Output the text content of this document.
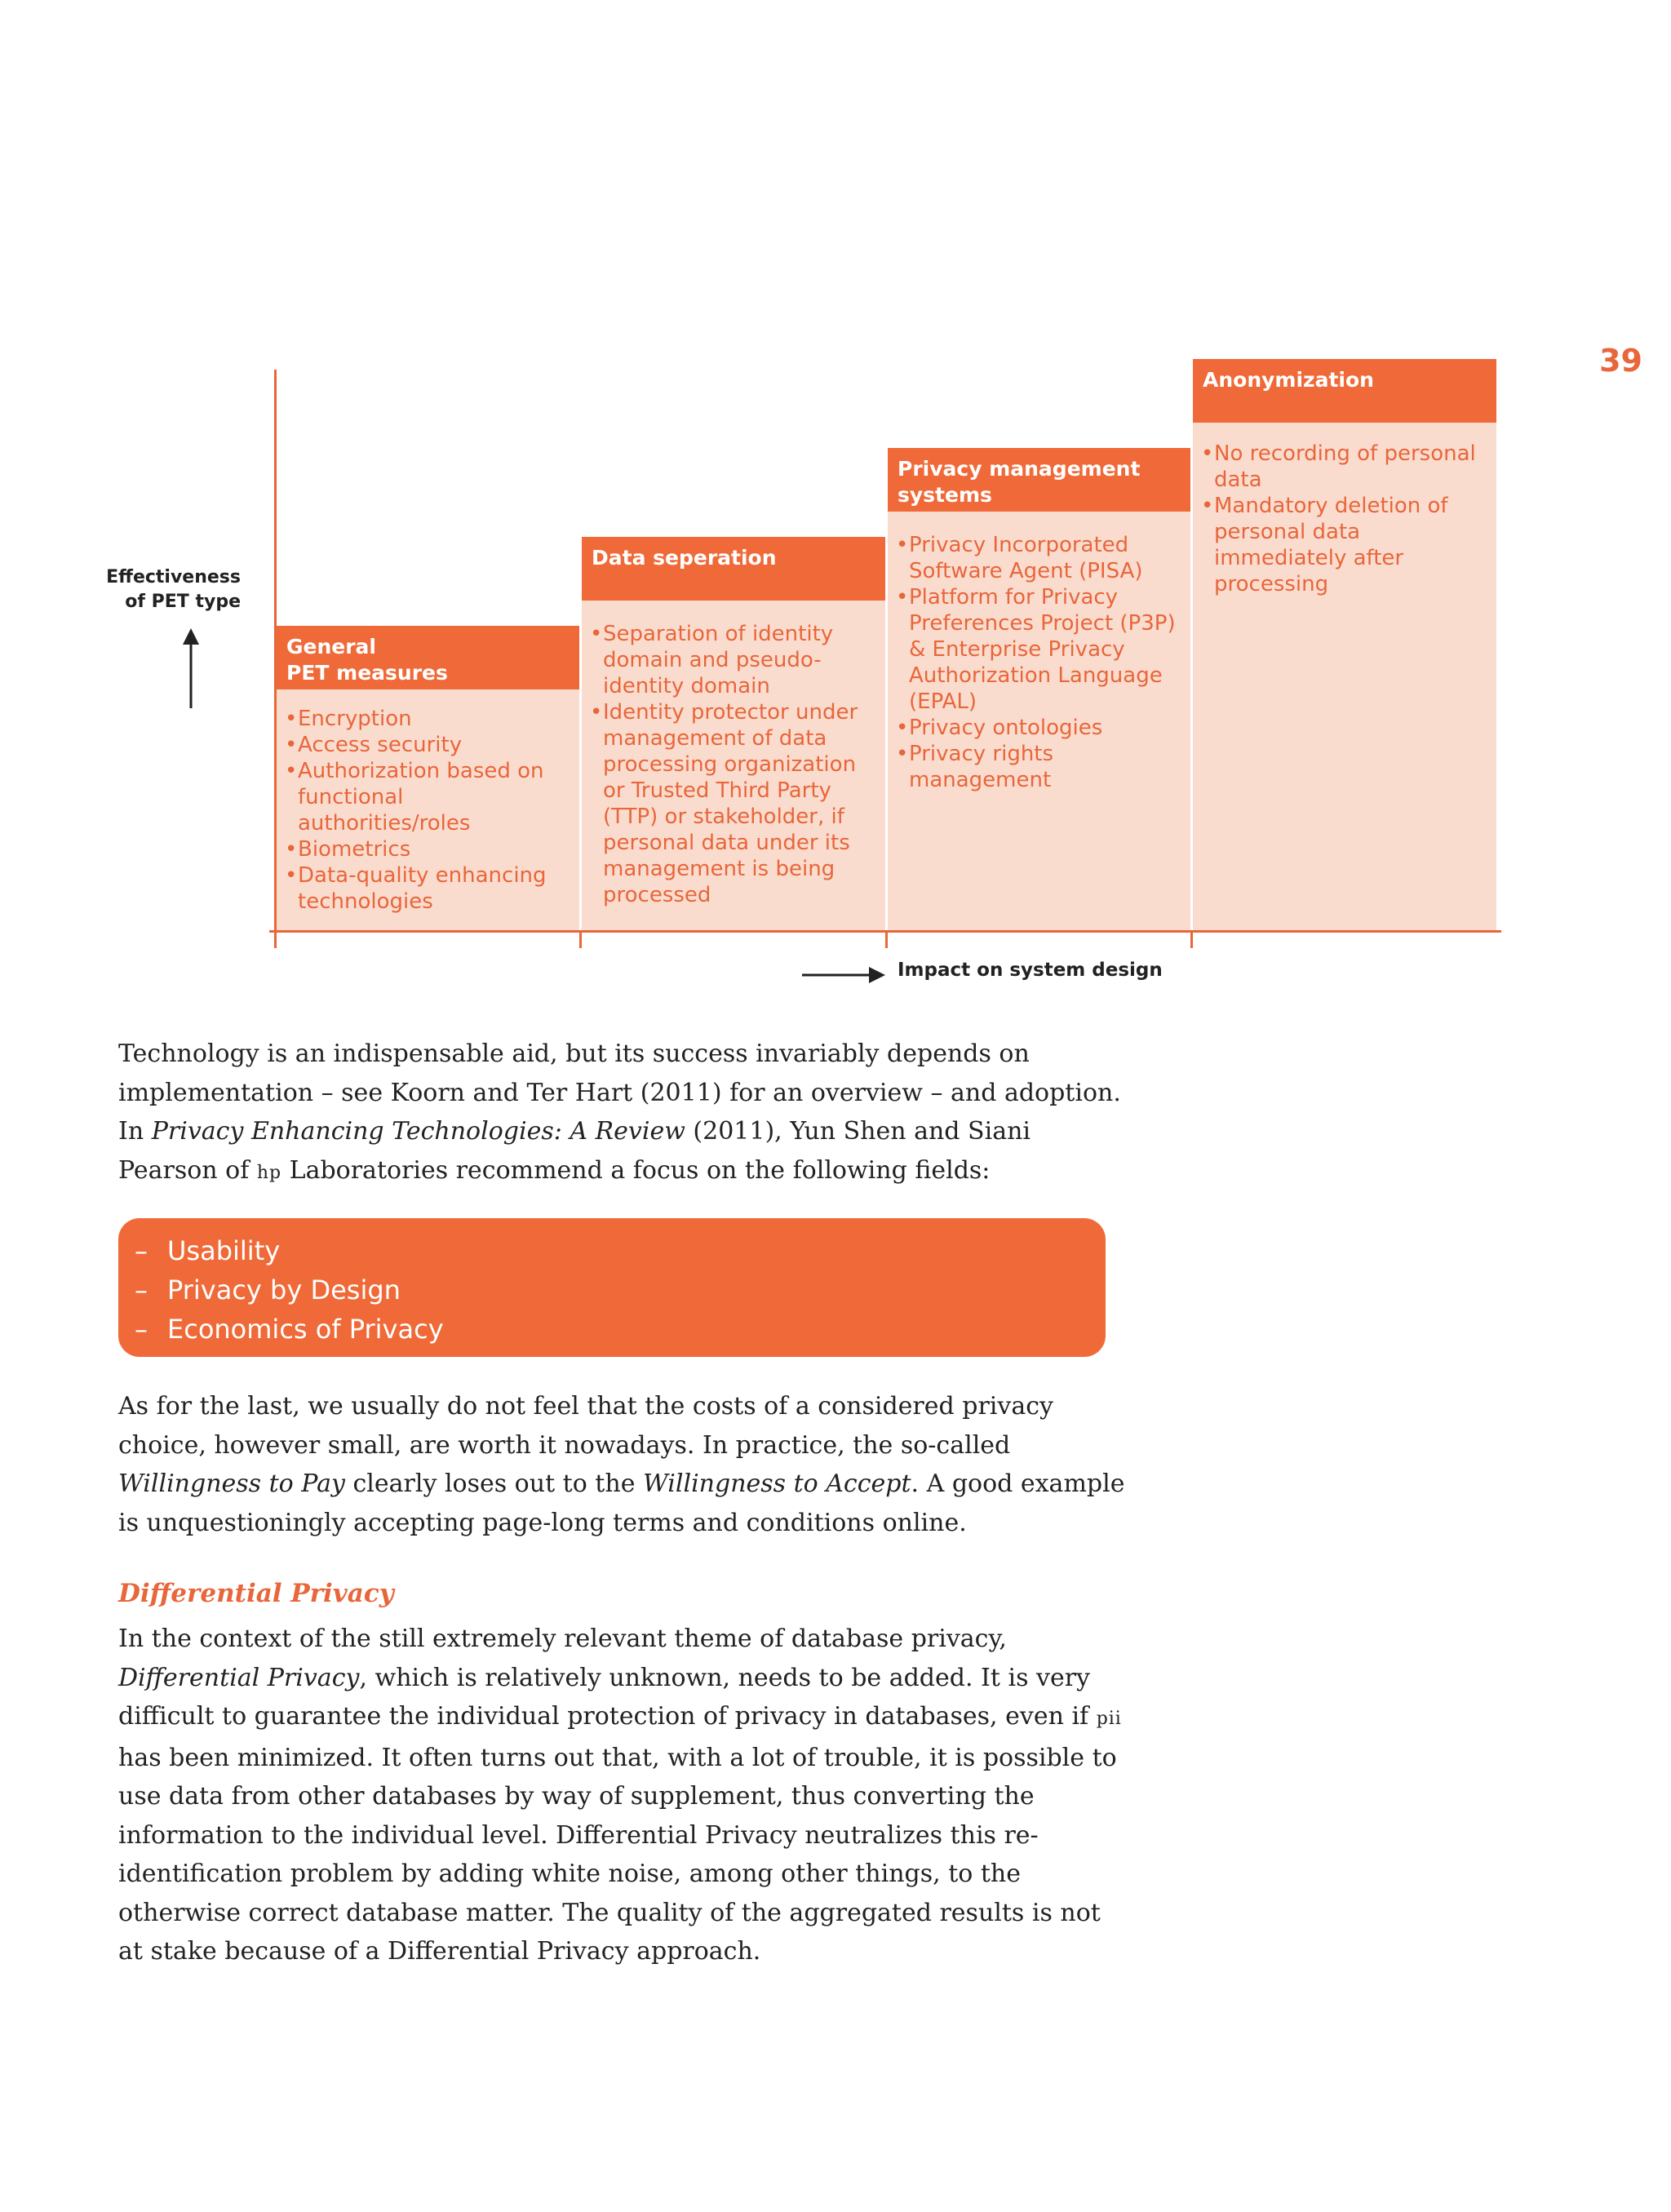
39
Effectiveness
of PET type
General
PET measures
• Encryption
• Access security
• Authorization based on functional authorities/roles
• Biometrics
• Data-quality enhancing technologies
Data seperation
• Separation of identity domain and pseudo-identity domain
• Identity protector under management of data processing organization or Trusted Third Party (TTP) or stakeholder, if personal data under its management is being processed
Privacy management
systems
• Privacy Incorporated Software Agent (PISA)
• Platform for Privacy Preferences Project (P3P) & Enterprise Privacy Authorization Language (EPAL)
• Privacy ontologies
• Privacy rights management
Anonymization
• No recording of personal data
• Mandatory deletion of personal data immediately after processing
Impact on system design

Technology is an indispensable aid, but its success invariably depends on implementation – see Koorn and Ter Hart (2011) for an overview – and adoption. In Privacy Enhancing Technologies: A Review (2011), Yun Shen and Siani Pearson of hp Laboratories recommend a focus on the following fields:

– Usability
– Privacy by Design
– Economics of Privacy

As for the last, we usually do not feel that the costs of a considered privacy choice, however small, are worth it nowadays. In practice, the so-called Willingness to Pay clearly loses out to the Willingness to Accept. A good example is unquestioningly accepting page-long terms and conditions online.

Differential Privacy

In the context of the still extremely relevant theme of database privacy, Differential Privacy, which is relatively unknown, needs to be added. It is very difficult to guarantee the individual protection of privacy in databases, even if pii has been minimized. It often turns out that, with a lot of trouble, it is possible to use data from other databases by way of supplement, thus converting the information to the individual level. Differential Privacy neutralizes this re-identification problem by adding white noise, among other things, to the otherwise correct database matter. The quality of the aggregated results is not at stake because of a Differential Privacy approach.
